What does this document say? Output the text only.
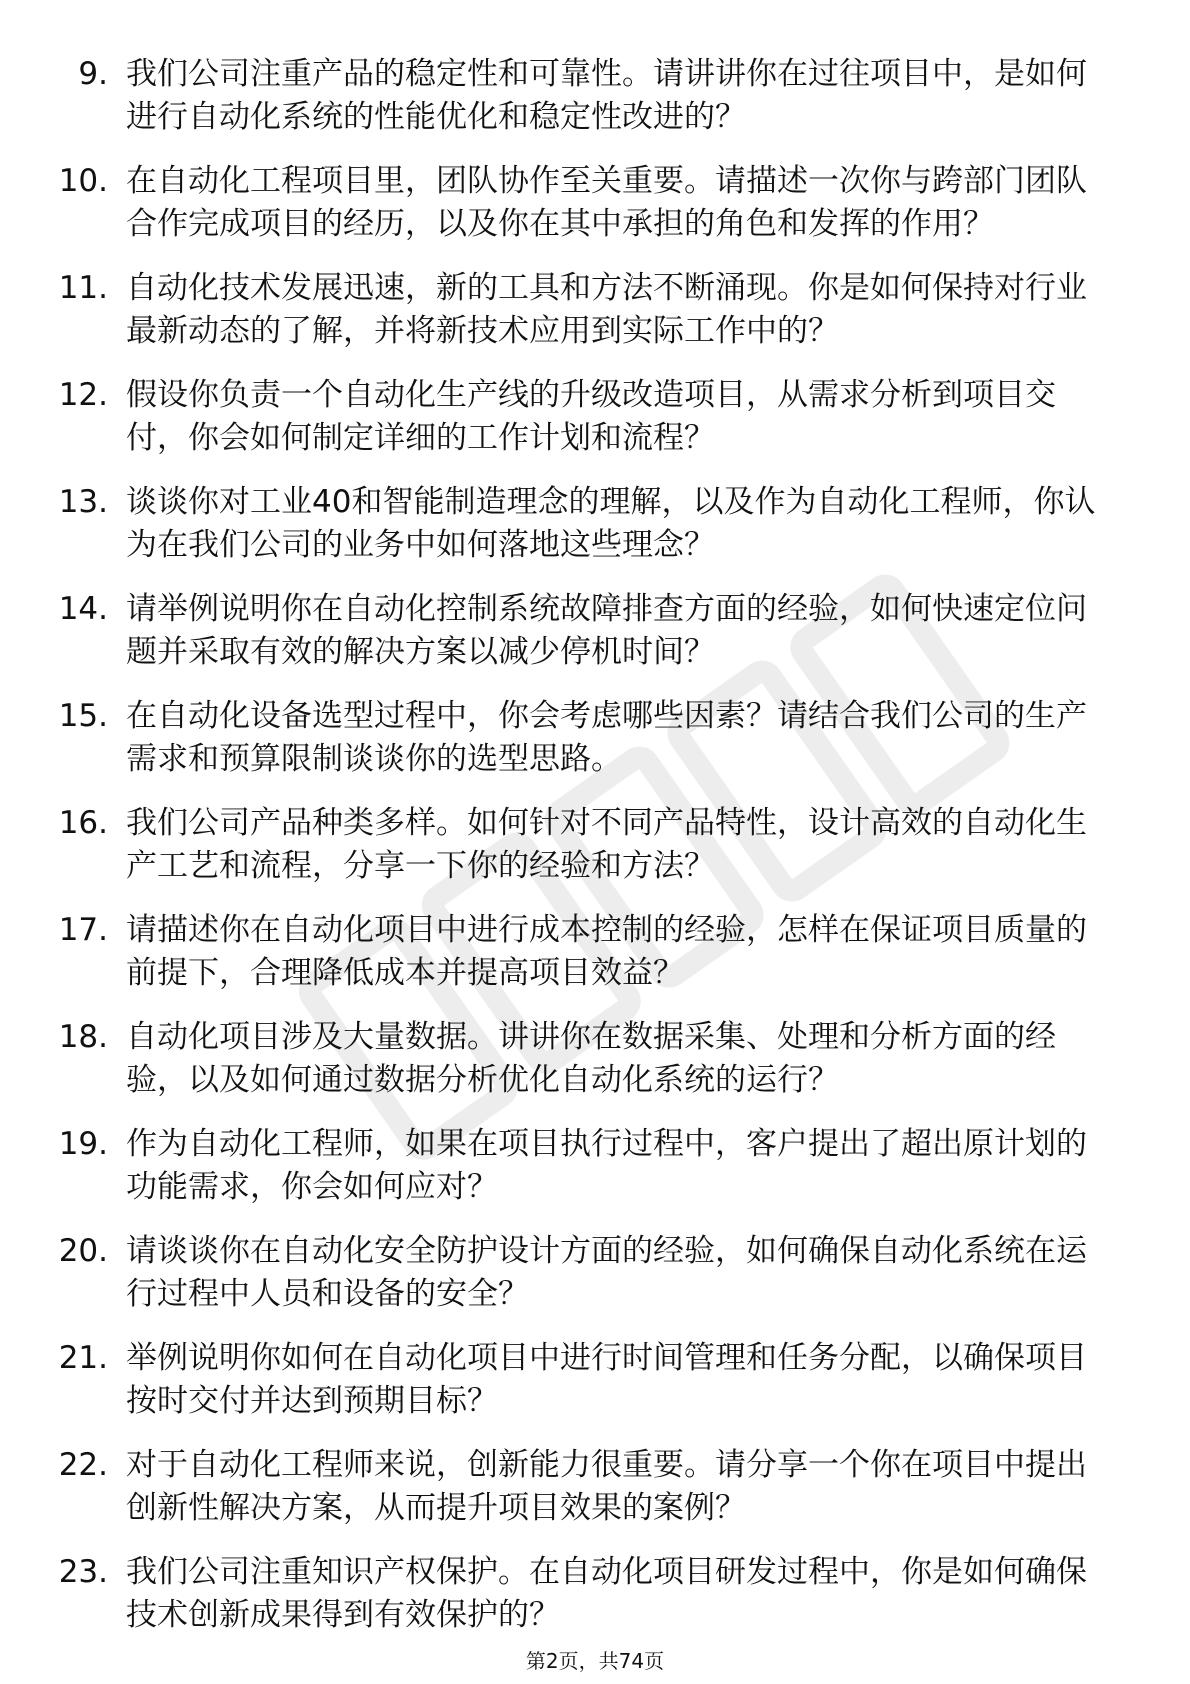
9. 我们公司注重产品的稳定性和可靠性。请讲讲你在过往项目中，是如何进行自动化系统的性能优化和稳定性改进的？
10. 在自动化工程项目里，团队协作至关重要。请描述一次你与跨部门团队合作完成项目的经历，以及你在其中承担的角色和发挥的作用？
11. 自动化技术发展迅速，新的工具和方法不断涌现。你是如何保持对行业最新动态的了解，并将新技术应用到实际工作中的？
12. 假设你负责一个自动化生产线的升级改造项目，从需求分析到项目交付，你会如何制定详细的工作计划和流程？
13. 谈谈你对工业40和智能制造理念的理解，以及作为自动化工程师，你认为在我们公司的业务中如何落地这些理念？
14. 请举例说明你在自动化控制系统故障排查方面的经验，如何快速定位问题并采取有效的解决方案以减少停机时间？
15. 在自动化设备选型过程中，你会考虑哪些因素？请结合我们公司的生产需求和预算限制谈谈你的选型思路。
16. 我们公司产品种类多样。如何针对不同产品特性，设计高效的自动化生产工艺和流程，分享一下你的经验和方法？
17. 请描述你在自动化项目中进行成本控制的经验，怎样在保证项目质量的前提下，合理降低成本并提高项目效益？
18. 自动化项目涉及大量数据。讲讲你在数据采集、处理和分析方面的经验，以及如何通过数据分析优化自动化系统的运行？
19. 作为自动化工程师，如果在项目执行过程中，客户提出了超出原计划的功能需求，你会如何应对？
20. 请谈谈你在自动化安全防护设计方面的经验，如何确保自动化系统在运行过程中人员和设备的安全？
21. 举例说明你如何在自动化项目中进行时间管理和任务分配，以确保项目按时交付并达到预期目标？
22. 对于自动化工程师来说，创新能力很重要。请分享一个你在项目中提出创新性解决方案，从而提升项目效果的案例？
23. 我们公司注重知识产权保护。在自动化项目研发过程中，你是如何确保技术创新成果得到有效保护的？
第2页，共74页
